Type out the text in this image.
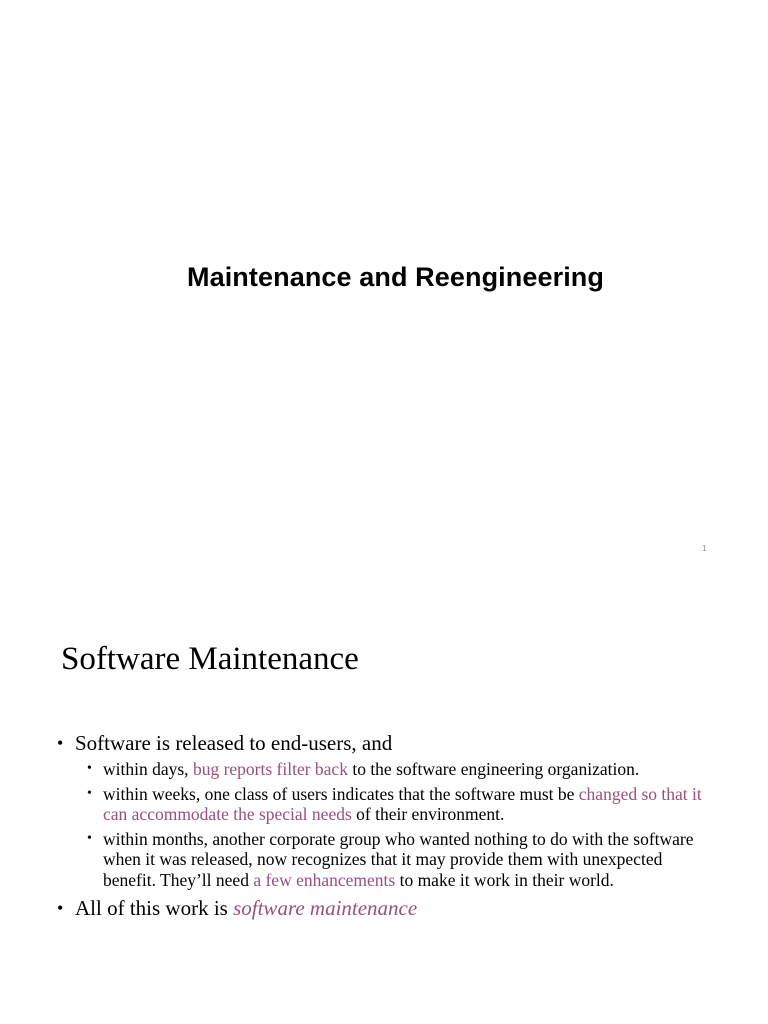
Maintenance and Reengineering
1
Software Maintenance
• Software is released to end-users, and
• within days, bug reports filter back to the software engineering organization.
• within weeks, one class of users indicates that the software must be changed so that it can accommodate the special needs of their environment.
• within months, another corporate group who wanted nothing to do with the software when it was released, now recognizes that it may provide them with unexpected benefit. They’ll need a few enhancements to make it work in their world.
• All of this work is software maintenance
